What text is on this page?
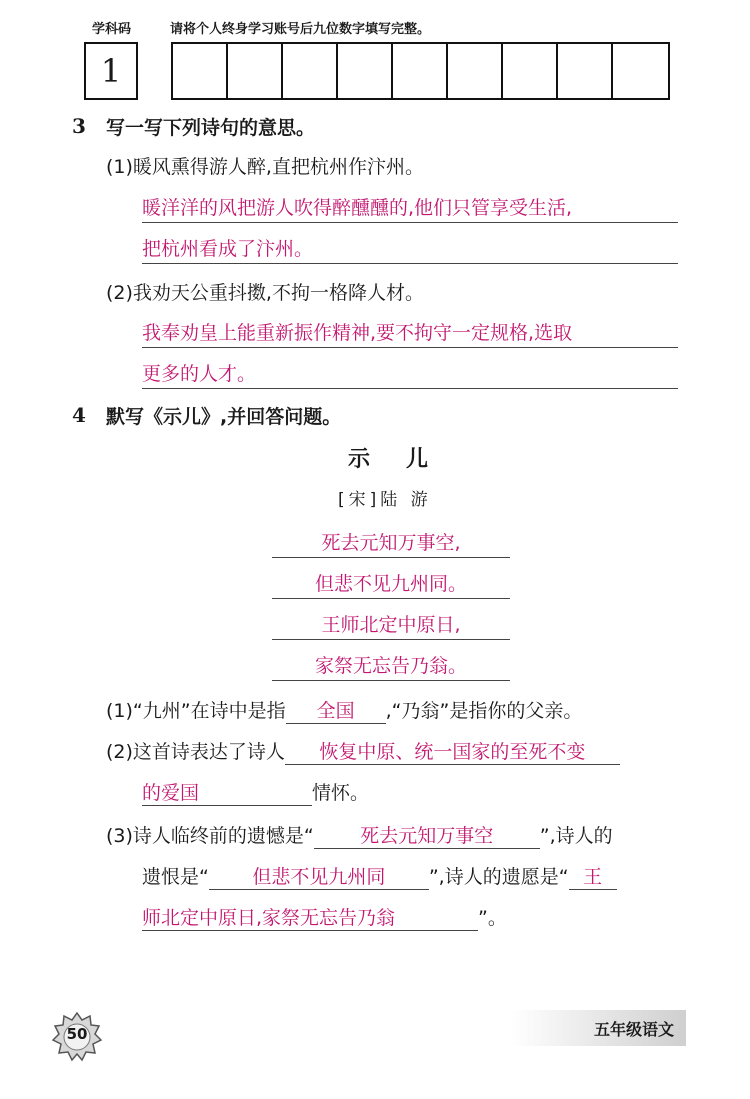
学科码	请将个人终身学习账号后九位数字填写完整。
1
3 写一写下列诗句的意思。
(1)暖风熏得游人醉,直把杭州作汴州。
暖洋洋的风把游人吹得醉醺醺的,他们只管享受生活,
把杭州看成了汴州。
(2)我劝天公重抖擞,不拘一格降人材。
我奉劝皇上能重新振作精神,要不拘守一定规格,选取
更多的人才。
4 默写《示儿》,并回答问题。
示儿
[宋]陆 游
死去元知万事空,
但悲不见九州同。
王师北定中原日,
家祭无忘告乃翁。
(1)“九州”在诗中是指 全国 ,“乃翁”是指你的父亲。
(2)这首诗表达了诗人 恢复中原、统一国家的至死不变
的爱国	情怀。
(3)诗人临终前的遗憾是“ 死去元知万事空 ”,诗人的
遗恨是“ 但悲不见九州同 ”,诗人的遗愿是“ 王
师北定中原日,家祭无忘告乃翁	”。
50	五年级语文
